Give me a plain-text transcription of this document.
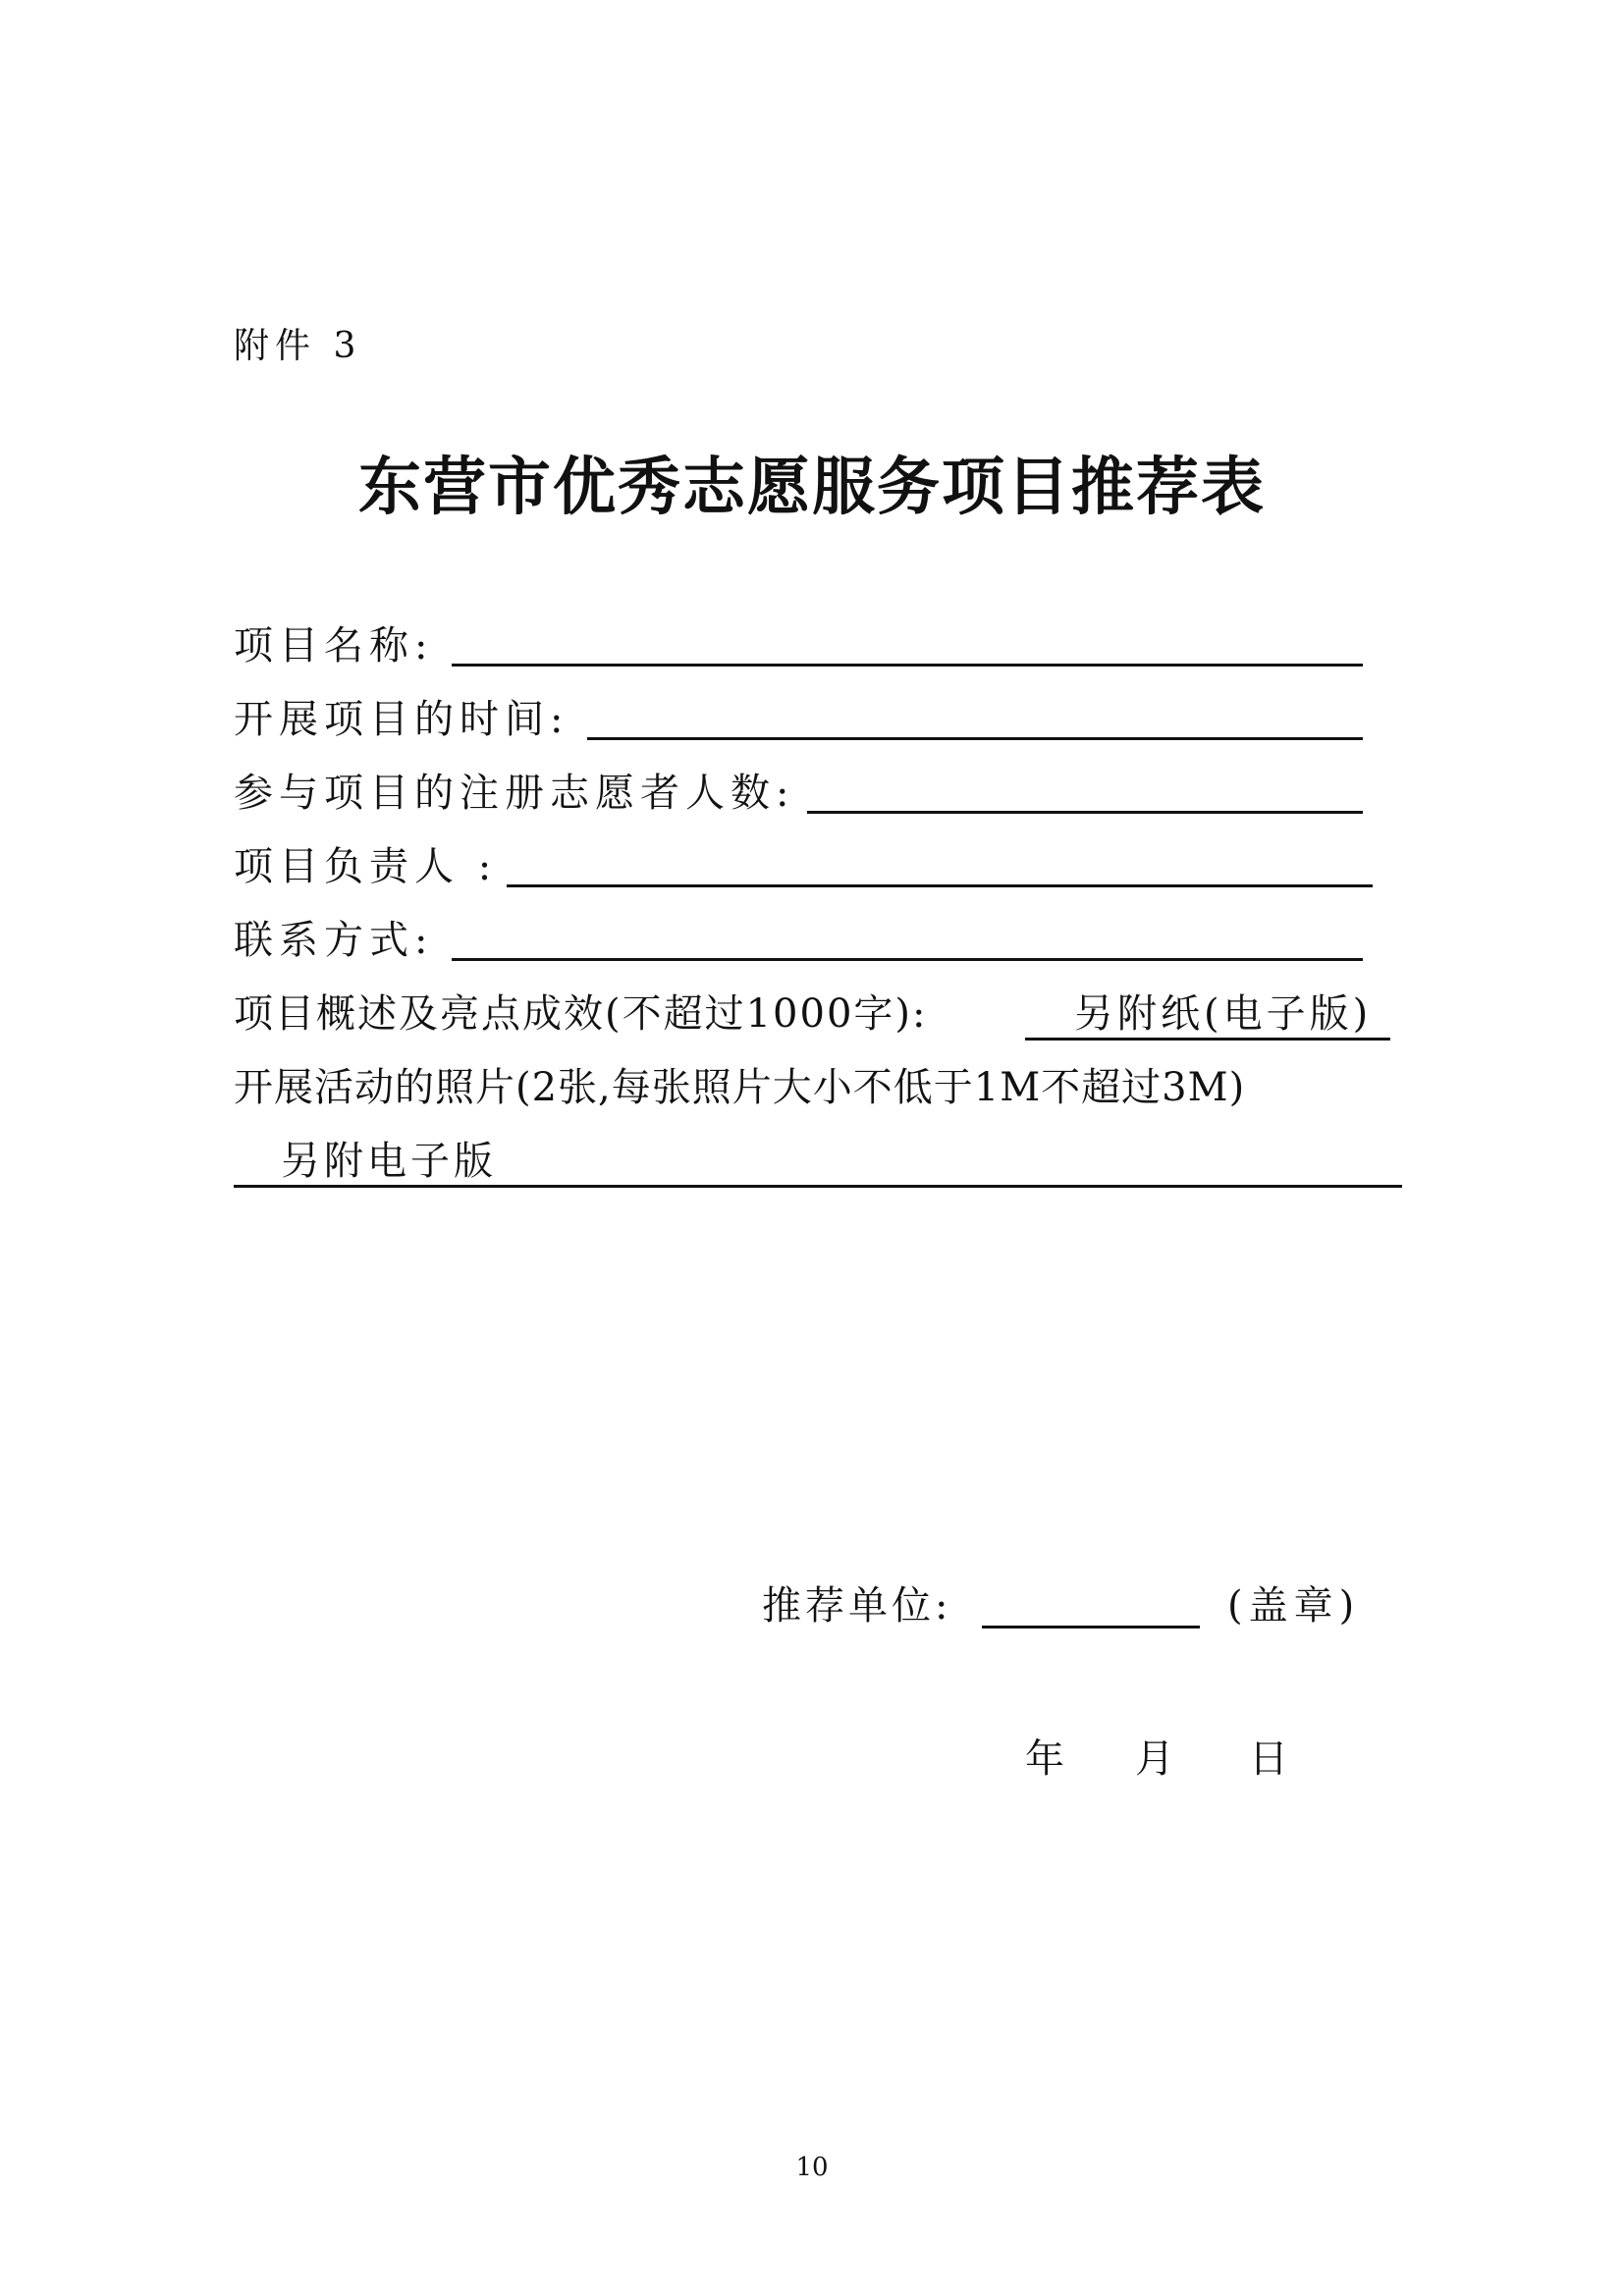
附件 3
东营市优秀志愿服务项目推荐表
项目名称:
开展项目的时间:
参与项目的注册志愿者人数:
项目负责人 :
联系方式:
项目概述及亮点成效(不超过1000字):	另附纸(电子版)
开展活动的照片(2张,每张照片大小不低于1M不超过3M)
另附电子版
推荐单位:	(盖章)
年 月 日
10
